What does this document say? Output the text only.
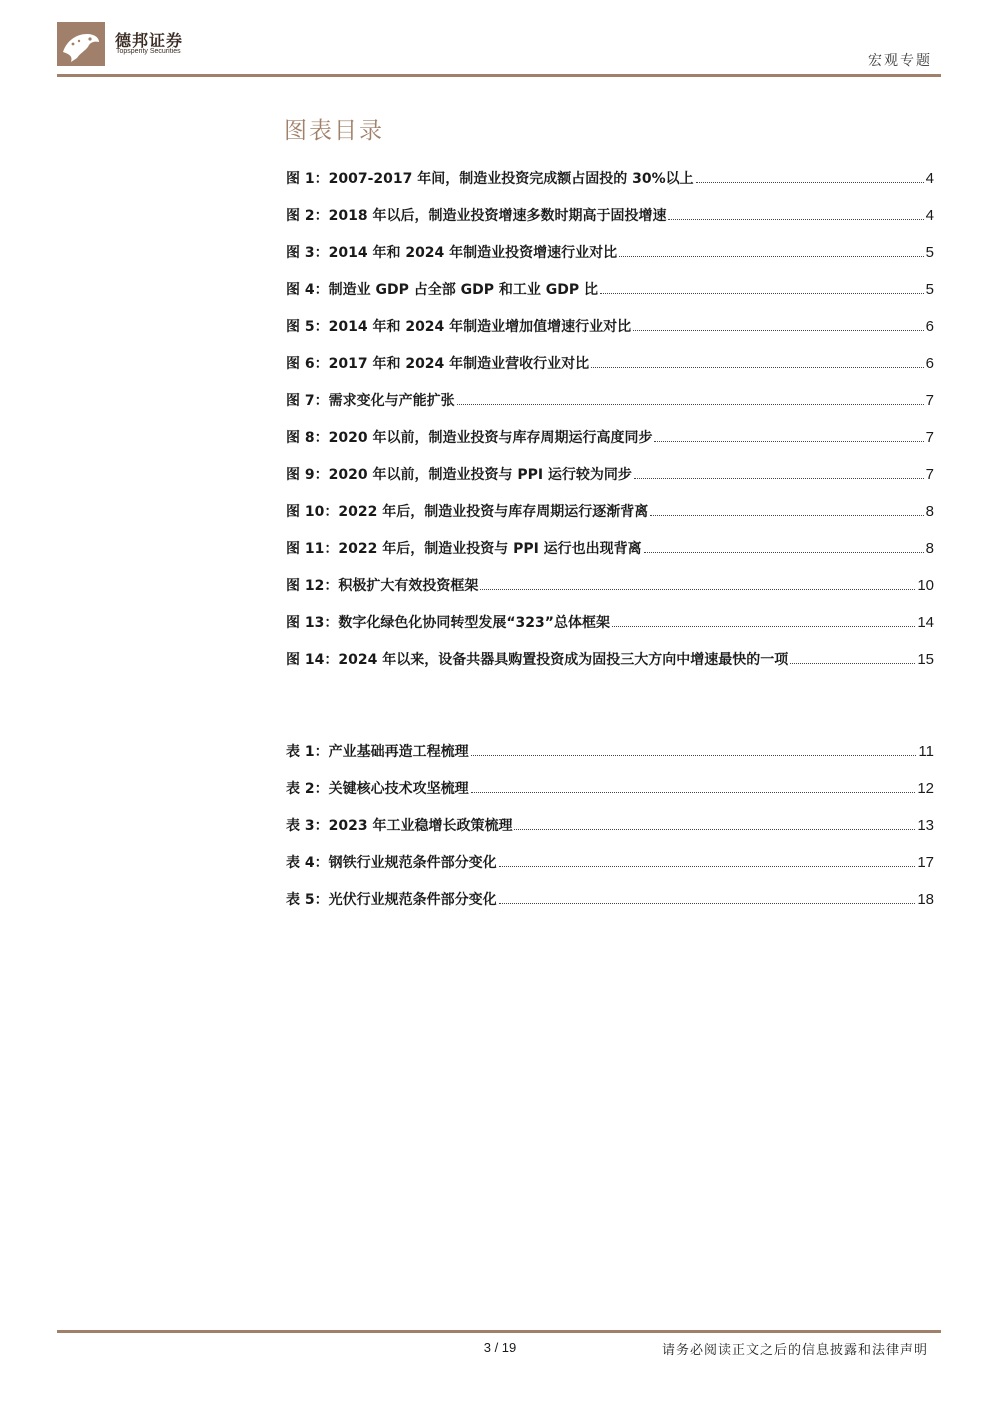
德邦证券
Topsperity Securities
宏观专题
图表目录
图 1：2007-2017 年间，制造业投资完成额占固投的 30%以上	4
图 2：2018 年以后，制造业投资增速多数时期高于固投增速	4
图 3：2014 年和 2024 年制造业投资增速行业对比	5
图 4：制造业 GDP 占全部 GDP 和工业 GDP 比	5
图 5：2014 年和 2024 年制造业增加值增速行业对比	6
图 6：2017 年和 2024 年制造业营收行业对比	6
图 7：需求变化与产能扩张	7
图 8：2020 年以前，制造业投资与库存周期运行高度同步	7
图 9：2020 年以前，制造业投资与 PPI 运行较为同步	7
图 10：2022 年后，制造业投资与库存周期运行逐渐背离	8
图 11：2022 年后，制造业投资与 PPI 运行也出现背离	8
图 12：积极扩大有效投资框架	10
图 13：数字化绿色化协同转型发展“323”总体框架	14
图 14：2024 年以来，设备共器具购置投资成为固投三大方向中增速最快的一项	15
表 1：产业基础再造工程梳理	11
表 2：关键核心技术攻坚梳理	12
表 3：2023 年工业稳增长政策梳理	13
表 4：钢铁行业规范条件部分变化	17
表 5：光伏行业规范条件部分变化	18
3 / 19	请务必阅读正文之后的信息披露和法律声明
